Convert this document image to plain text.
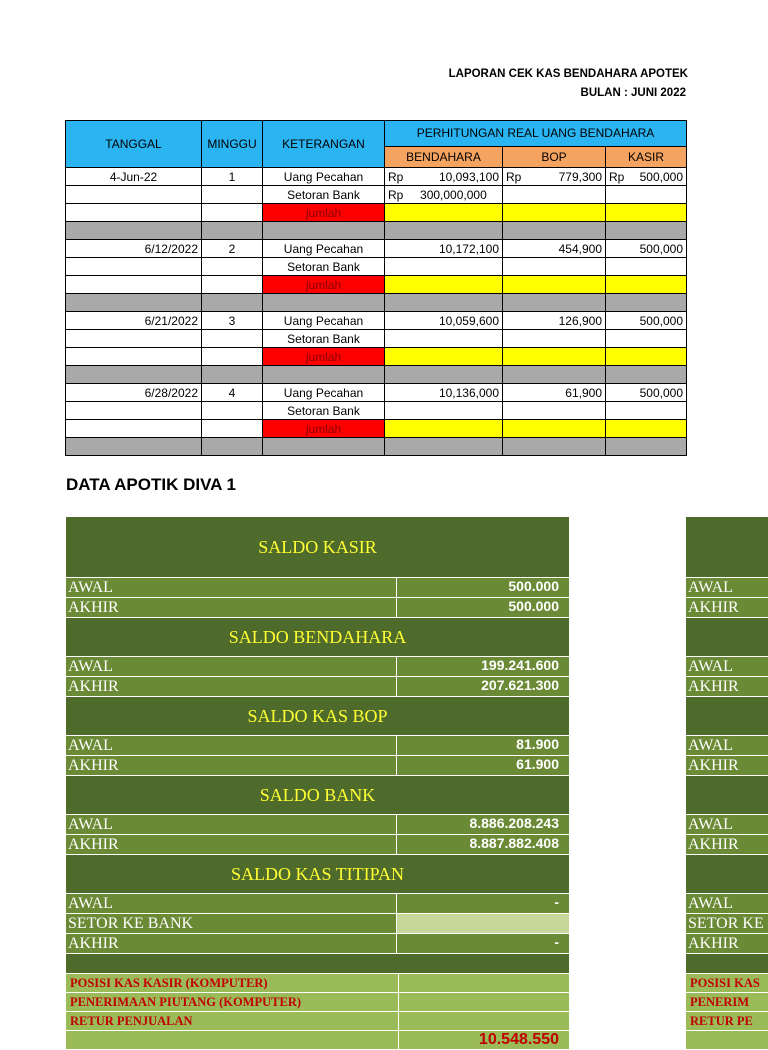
LAPORAN CEK KAS BENDAHARA APOTEK
BULAN : JUNI 2022
TANGGAL	MINGGU	KETERANGAN	PERHITUNGAN REAL UANG BENDAHARA		
			BENDAHARA	BOP	KASIR
4-Jun-22	1	Uang Pecahan	Rp 10,093,100	Rp 779,300	Rp 500,000

		Setoran Bank	Rp 300,000,000		
		jumlah			

6/12/2022	2	Uang Pecahan	10,172,100	454,900	500,000
		Setoran Bank			
		jumlah			

6/21/2022	3	Uang Pecahan	10,059,600	126,900	500,000
		Setoran Bank			
		jumlah			

6/28/2022	4	Uang Pecahan	10,136,000	61,900	500,000
		Setoran Bank			
		jumlah			

DATA APOTIK DIVA 1
SALDO KASIR
AWAL	500.000
AKHIR	500.000
SALDO BENDAHARA
AWAL	199.241.600
AKHIR	207.621.300
SALDO KAS BOP
AWAL	81.900
AKHIR	61.900
SALDO BANK
AWAL	8.886.208.243
AKHIR	8.887.882.408
SALDO KAS TITIPAN
AWAL	-
SETOR KE BANK
AKHIR	-
POSISI KAS KASIR (KOMPUTER)
PENERIMAAN PIUTANG (KOMPUTER)
RETUR PENJUALAN
10.548.550
AWAL
AKHIR
AWAL
AKHIR
AWAL
AKHIR
AWAL
AKHIR
AWAL
SETOR KE
AKHIR
POSISI KAS
PENERIM
RETUR PE
